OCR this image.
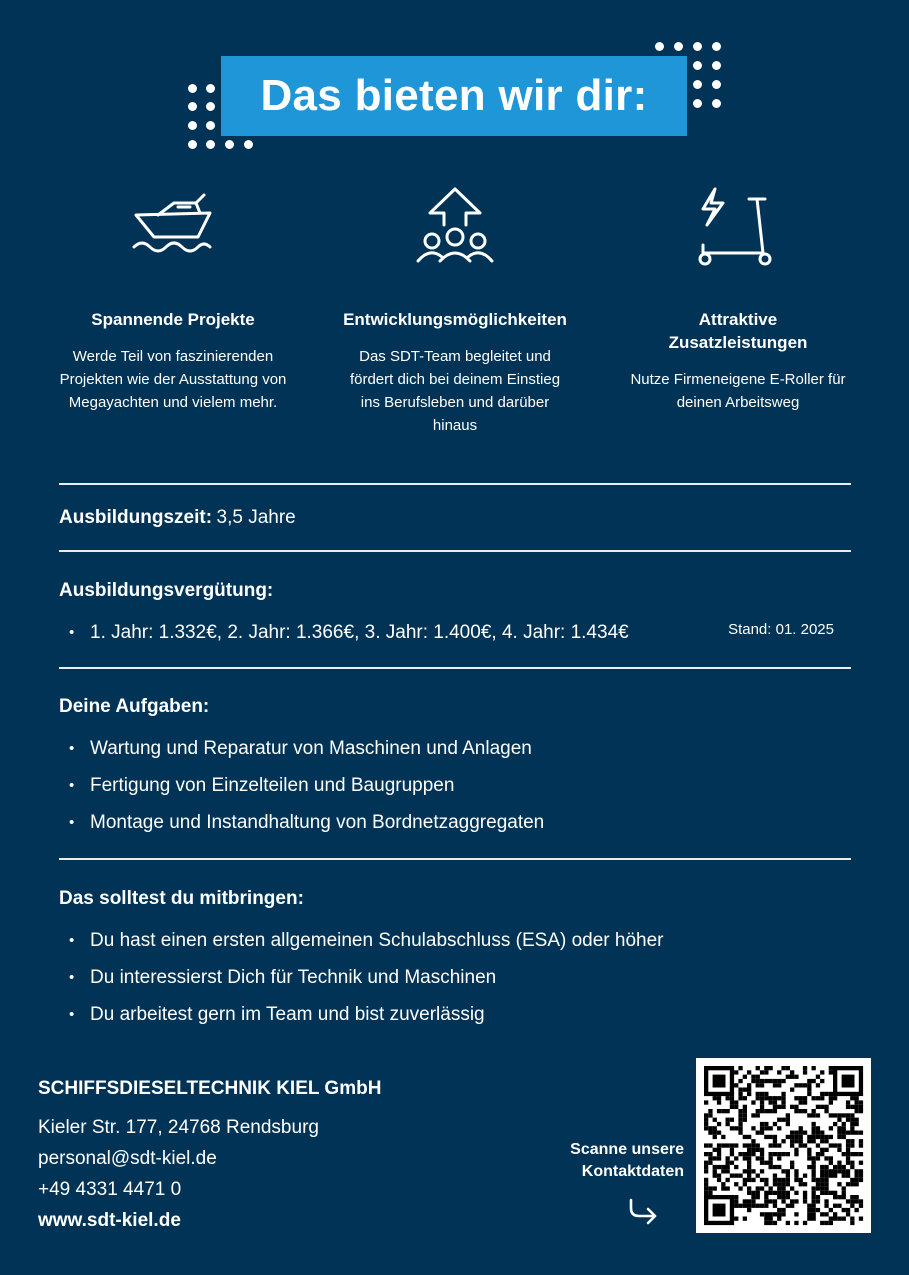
Das bieten wir dir:
Spannende Projekte

Werde Teil von faszinierenden Projekten wie der Ausstattung von Megayachten und vielem mehr.

Entwicklungsmöglichkeiten

Das SDT-Team begleitet und fördert dich bei deinem Einstieg ins Berufsleben und darüber hinaus

Attraktive Zusatzleistungen

Nutze Firmeneigene E-Roller für deinen Arbeitsweg

Ausbildungszeit: 3,5 Jahre
Ausbildungsvergütung:
• 1. Jahr: 1.332€, 2. Jahr: 1.366€, 3. Jahr: 1.400€, 4. Jahr: 1.434€	Stand: 01. 2025
Deine Aufgaben:
• Wartung und Reparatur von Maschinen und Anlagen
• Fertigung von Einzelteilen und Baugruppen
• Montage und Instandhaltung von Bordnetzaggregaten
Das solltest du mitbringen:
• Du hast einen ersten allgemeinen Schulabschluss (ESA) oder höher
• Du interessierst Dich für Technik und Maschinen
• Du arbeitest gern im Team und bist zuverlässig
SCHIFFSDIESELTECHNIK KIEL GmbH
Kieler Str. 177, 24768 Rendsburg
personal@sdt-kiel.de
+49 4331 4471 0
www.sdt-kiel.de
Scanne unsere
Kontaktdaten
